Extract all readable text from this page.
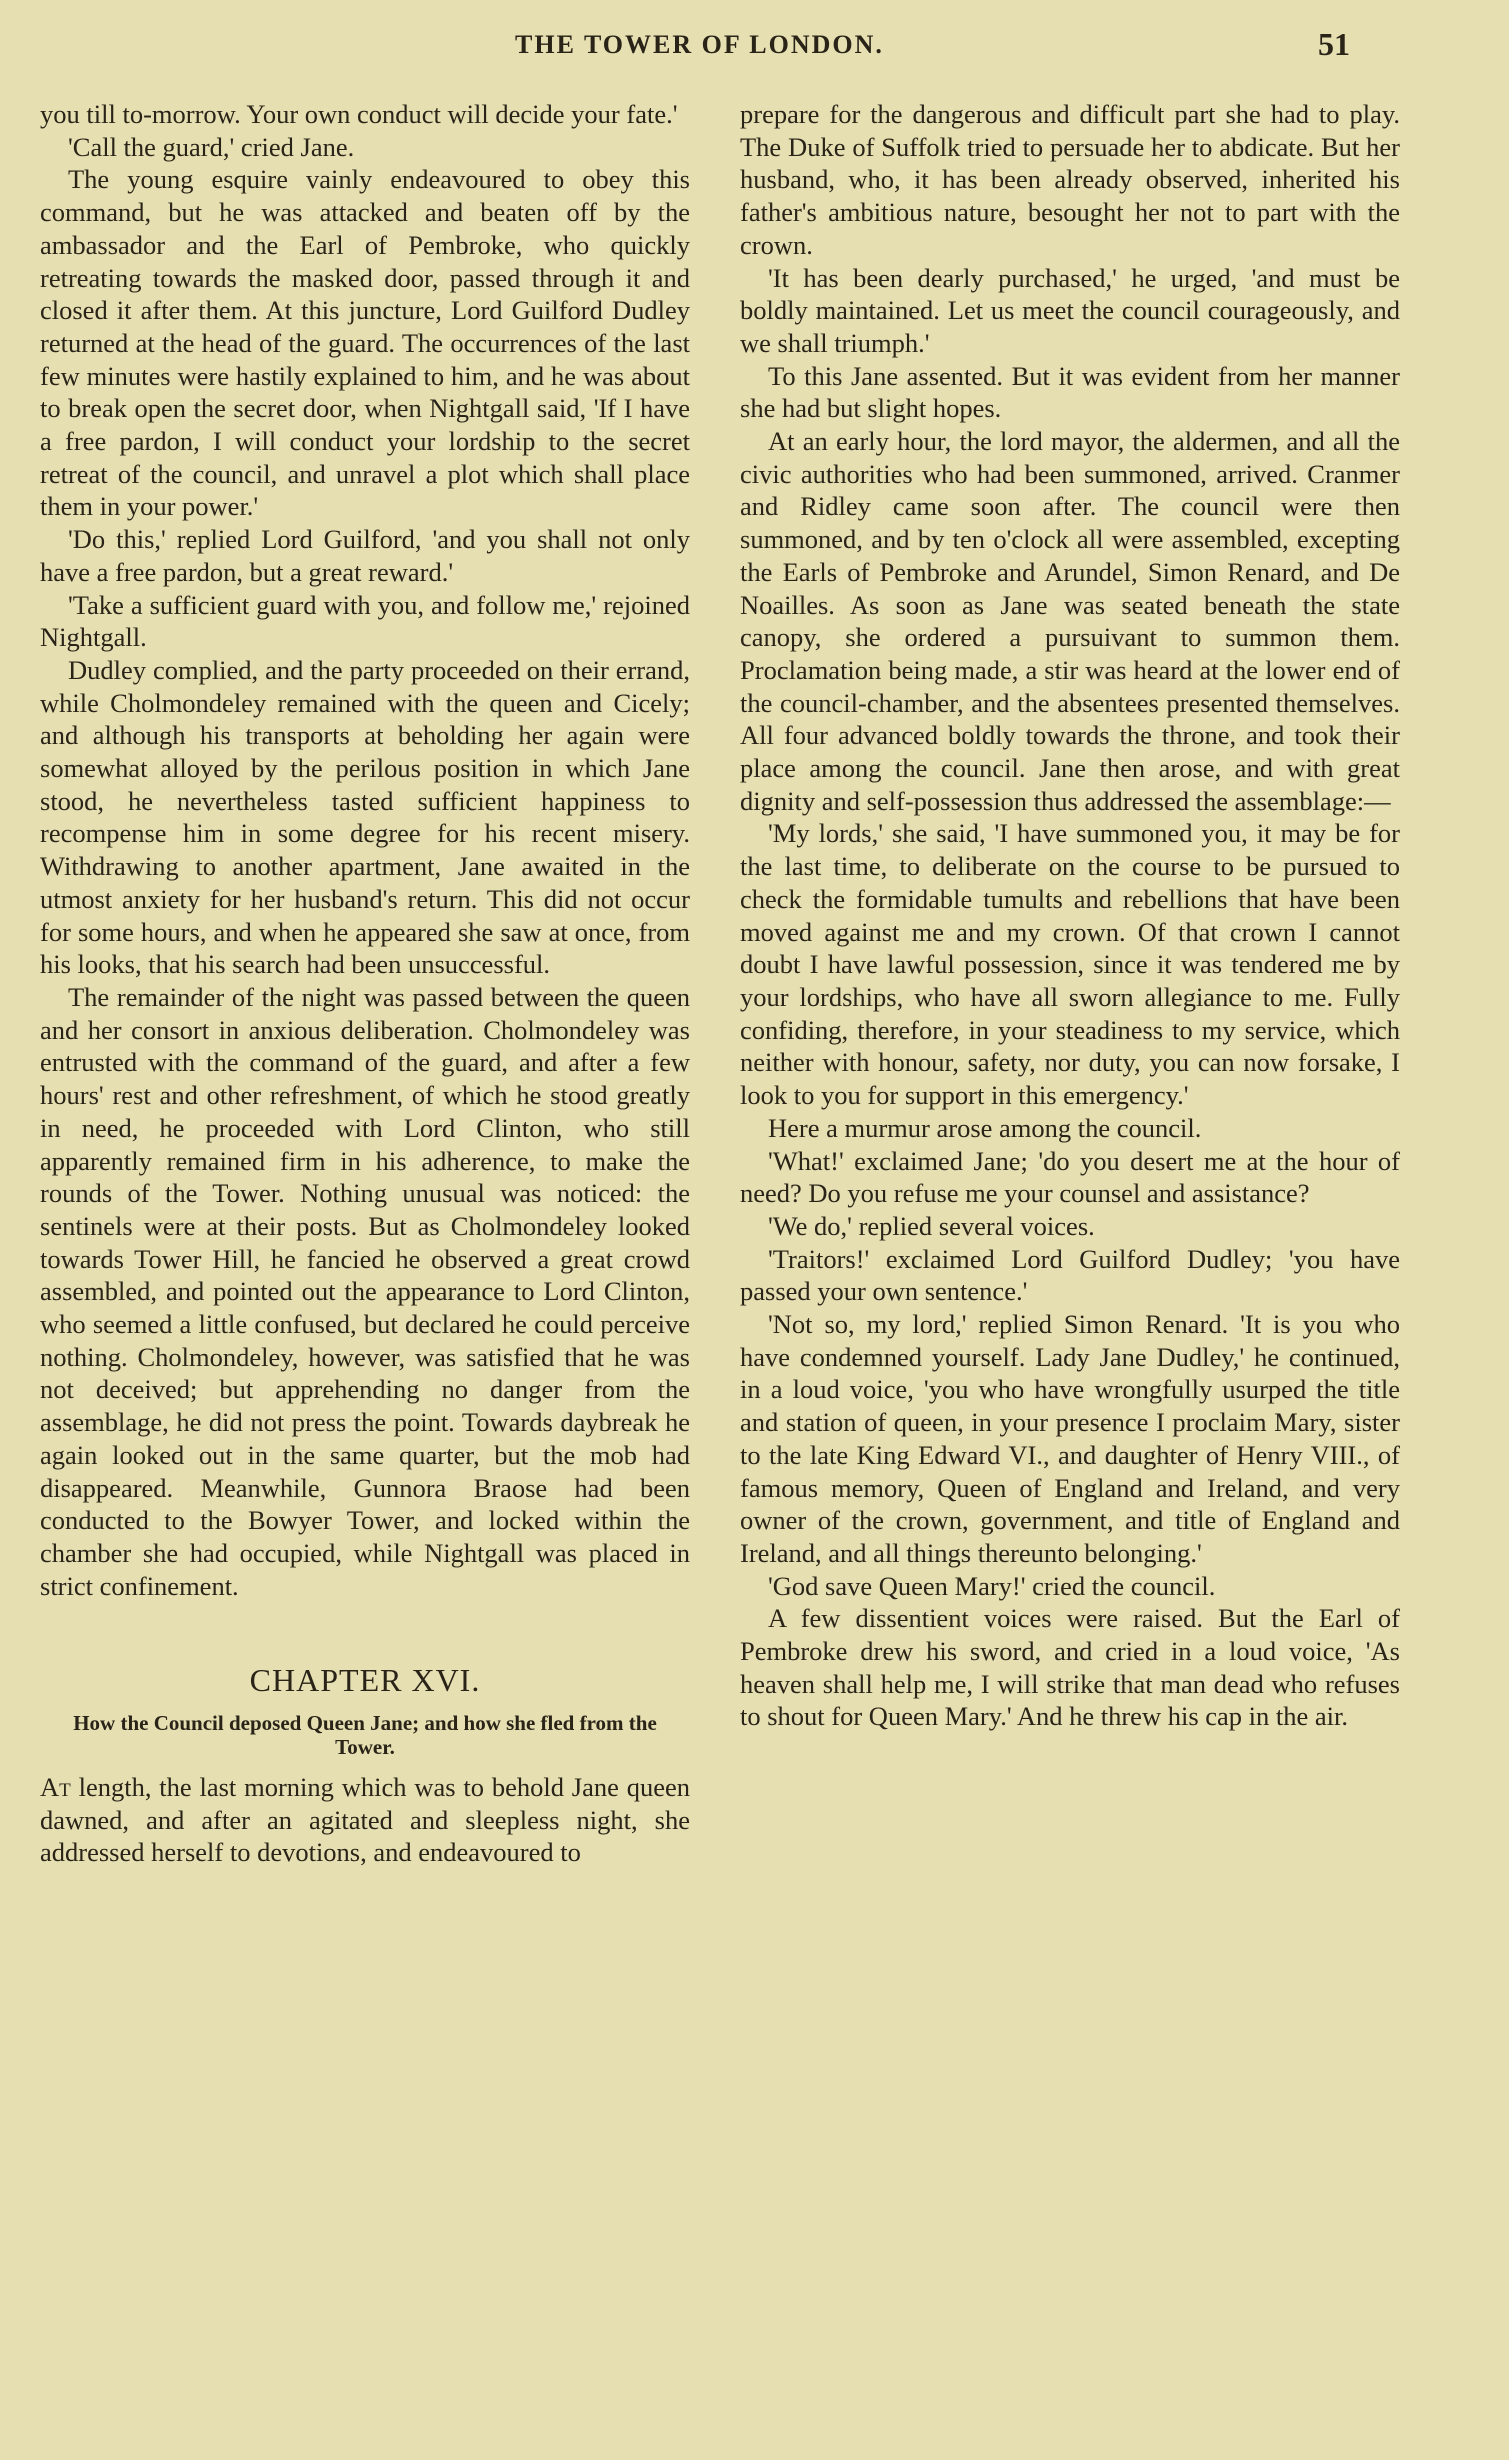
THE TOWER OF LONDON.	51

you till to-morrow. Your own conduct will decide your fate.'

'Call the guard,' cried Jane.

The young esquire vainly endeavoured to obey this command, but he was attacked and beaten off by the ambassador and the Earl of Pembroke, who quickly retreating towards the masked door, passed through it and closed it after them. At this juncture, Lord Guilford Dudley returned at the head of the guard. The occurrences of the last few minutes were hastily explained to him, and he was about to break open the secret door, when Nightgall said, 'If I have a free pardon, I will conduct your lordship to the secret retreat of the council, and unravel a plot which shall place them in your power.'

'Do this,' replied Lord Guilford, 'and you shall not only have a free pardon, but a great reward.'

'Take a sufficient guard with you, and follow me,' rejoined Nightgall.

Dudley complied, and the party proceeded on their errand, while Cholmondeley remained with the queen and Cicely; and although his transports at beholding her again were somewhat alloyed by the perilous position in which Jane stood, he nevertheless tasted sufficient happiness to recompense him in some degree for his recent misery. Withdrawing to another apartment, Jane awaited in the utmost anxiety for her husband's return. This did not occur for some hours, and when he appeared she saw at once, from his looks, that his search had been unsuccessful.

The remainder of the night was passed between the queen and her consort in anxious deliberation. Cholmondeley was entrusted with the command of the guard, and after a few hours' rest and other refreshment, of which he stood greatly in need, he proceeded with Lord Clinton, who still apparently remained firm in his adherence, to make the rounds of the Tower. Nothing unusual was noticed: the sentinels were at their posts. But as Cholmondeley looked towards Tower Hill, he fancied he observed a great crowd assembled, and pointed out the appearance to Lord Clinton, who seemed a little confused, but declared he could perceive nothing. Cholmondeley, however, was satisfied that he was not deceived; but apprehending no danger from the assemblage, he did not press the point. Towards daybreak he again looked out in the same quarter, but the mob had disappeared. Meanwhile, Gunnora Braose had been conducted to the Bowyer Tower, and locked within the chamber she had occupied, while Nightgall was placed in strict confinement.

CHAPTER XVI.
How the Council deposed Queen Jane; and how she fled from the Tower.

At length, the last morning which was to behold Jane queen dawned, and after an agitated and sleepless night, she addressed herself to devotions, and endeavoured to

prepare for the dangerous and difficult part she had to play. The Duke of Suffolk tried to persuade her to abdicate. But her husband, who, it has been already observed, inherited his father's ambitious nature, besought her not to part with the crown.

'It has been dearly purchased,' he urged, 'and must be boldly maintained. Let us meet the council courageously, and we shall triumph.'

To this Jane assented. But it was evident from her manner she had but slight hopes.

At an early hour, the lord mayor, the aldermen, and all the civic authorities who had been summoned, arrived. Cranmer and Ridley came soon after. The council were then summoned, and by ten o'clock all were assembled, excepting the Earls of Pembroke and Arundel, Simon Renard, and De Noailles. As soon as Jane was seated beneath the state canopy, she ordered a pursuivant to summon them. Proclamation being made, a stir was heard at the lower end of the council-chamber, and the absentees presented themselves. All four advanced boldly towards the throne, and took their place among the council. Jane then arose, and with great dignity and self-possession thus addressed the assemblage:—

'My lords,' she said, 'I have summoned you, it may be for the last time, to deliberate on the course to be pursued to check the formidable tumults and rebellions that have been moved against me and my crown. Of that crown I cannot doubt I have lawful possession, since it was tendered me by your lordships, who have all sworn allegiance to me. Fully confiding, therefore, in your steadiness to my service, which neither with honour, safety, nor duty, you can now forsake, I look to you for support in this emergency.'

Here a murmur arose among the council.

'What!' exclaimed Jane; 'do you desert me at the hour of need? Do you refuse me your counsel and assistance?

'We do,' replied several voices.

'Traitors!' exclaimed Lord Guilford Dudley; 'you have passed your own sentence.'

'Not so, my lord,' replied Simon Renard. 'It is you who have condemned yourself. Lady Jane Dudley,' he continued, in a loud voice, 'you who have wrongfully usurped the title and station of queen, in your presence I proclaim Mary, sister to the late King Edward VI., and daughter of Henry VIII., of famous memory, Queen of England and Ireland, and very owner of the crown, government, and title of England and Ireland, and all things thereunto belonging.'

'God save Queen Mary!' cried the council.

A few dissentient voices were raised. But the Earl of Pembroke drew his sword, and cried in a loud voice, 'As heaven shall help me, I will strike that man dead who refuses to shout for Queen Mary.' And he threw his cap in the air.
